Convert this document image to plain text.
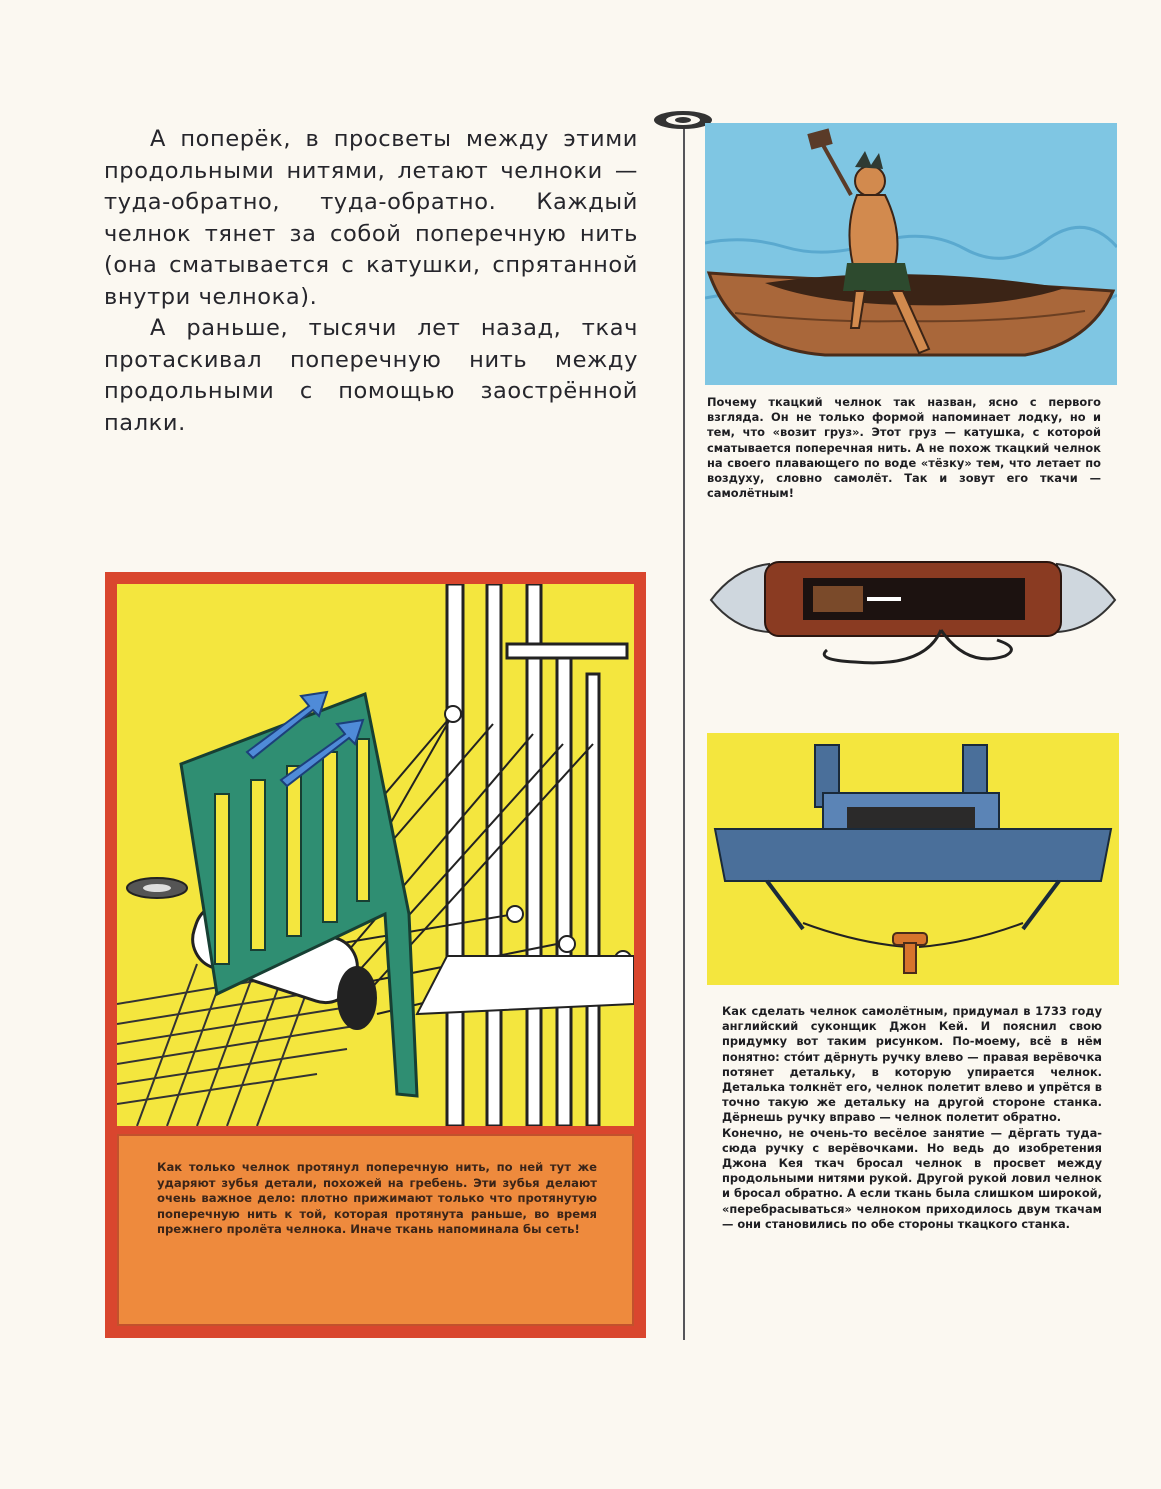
А поперёк, в просветы между этими продольными нитями, летают челноки — туда-обратно, туда-обратно. Каждый челнок тянет за собой поперечную нить (она сматывается с катушки, спрятанной внутри челнока).

А раньше, тысячи лет назад, ткач протаскивал поперечную нить между продольными с помощью заострённой палки.

Почему ткацкий челнок так назван, ясно с первого взгляда. Он не только формой напоминает лодку, но и тем, что «возит груз». Этот груз — катушка, с которой сматывается поперечная нить. А не похож ткацкий челнок на своего плавающего по воде «тёзку» тем, что летает по воздуху, словно самолёт. Так и зовут его ткачи — самолётным!

Как сделать челнок самолётным, придумал в 1733 году английский суконщик Джон Кей. И пояснил свою придумку вот таким рисунком. По-моему, всё в нём понятно: стóит дёрнуть ручку влево — правая верёвочка потянет детальку, в которую упирается челнок. Деталька толкнёт его, челнок полетит влево и упрётся в точно такую же детальку на другой стороне станка. Дёрнешь ручку вправо — челнок полетит обратно.

Конечно, не очень-то весёлое занятие — дёргать туда-сюда ручку с верёвочками. Но ведь до изобретения Джона Кея ткач бросал челнок в просвет между продольными нитями рукой. Другой рукой ловил челнок и бросал обратно. А если ткань была слишком широкой, «перебрасываться» челноком приходилось двум ткачам — они становились по обе стороны ткацкого станка.

Как только челнок протянул поперечную нить, по ней тут же ударяют зубья детали, похожей на гребень. Эти зубья делают очень важное дело: плотно прижимают только что протянутую поперечную нить к той, которая протянута раньше, во время прежнего пролёта челнока. Иначе ткань напоминала бы сеть!
